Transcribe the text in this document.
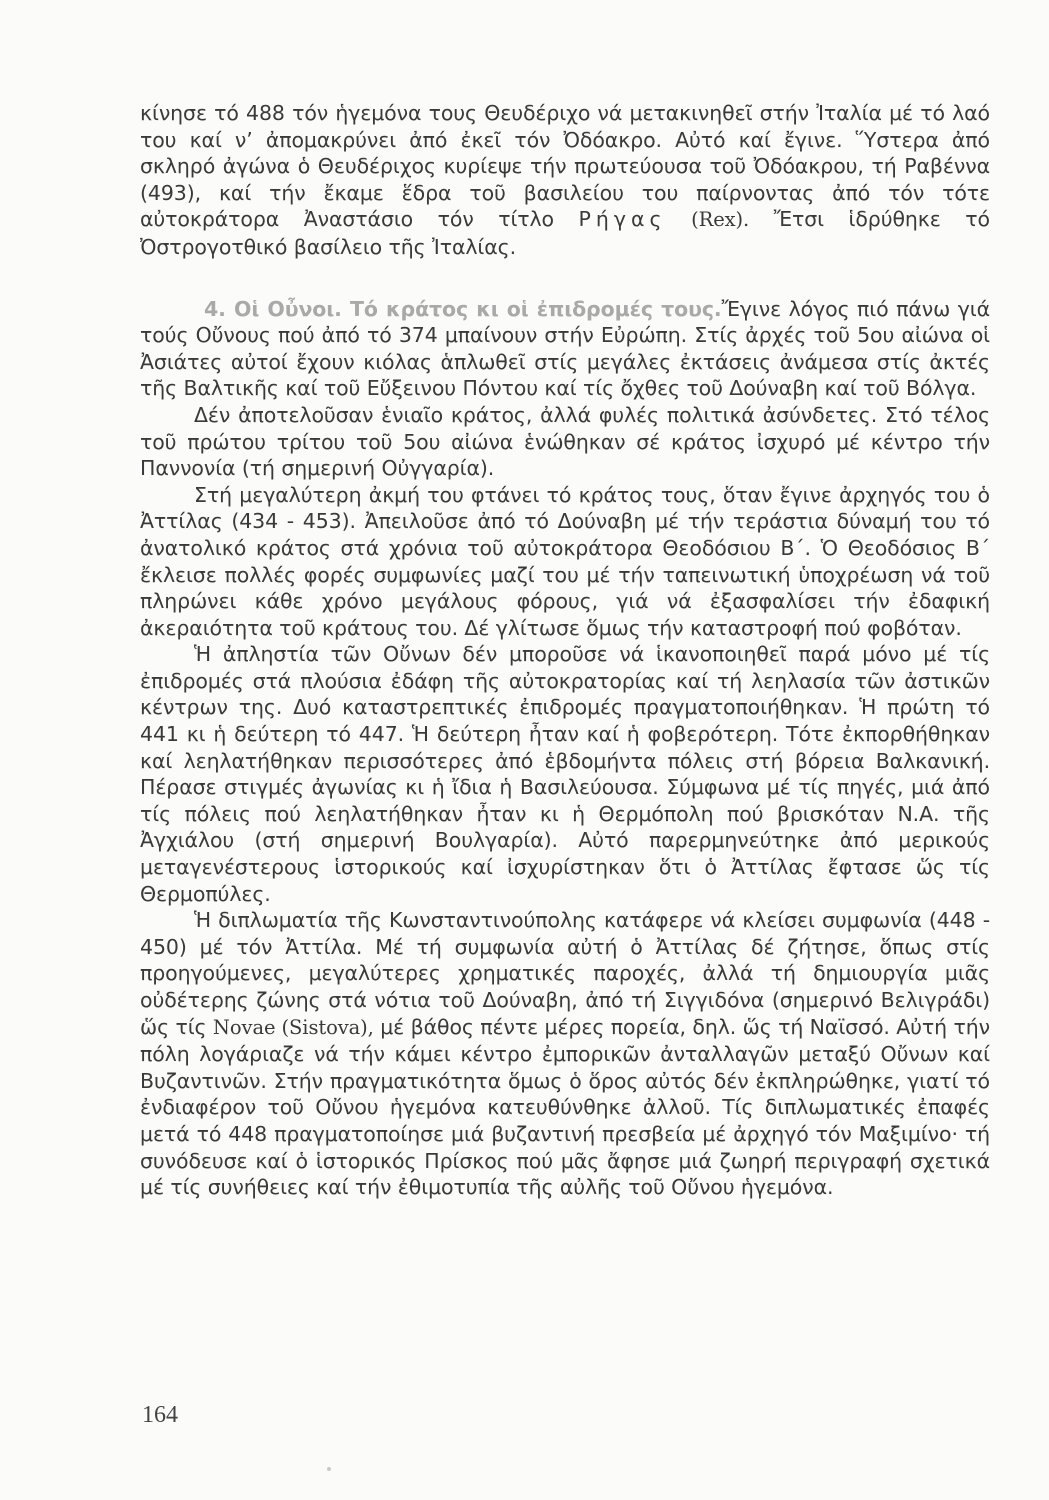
κίνησε τό 488 τόν ἡγεμόνα τους Θευδέριχο νά μετακινηθεῖ στήν Ἰταλία μέ τό λαό του καί ν’ ἀπομακρύνει ἀπό ἐκεῖ τόν Ὀδόακρο. Αὐτό καί ἔγινε. Ὕστερα ἀπό σκληρό ἀγώνα ὁ Θευδέριχος κυρίεψε τήν πρωτεύουσα τοῦ Ὀδόακρου, τή Ραβέννα (493), καί τήν ἔκαμε ἕδρα τοῦ βασιλείου του παίρνοντας ἀπό τόν τότε αὐτοκράτορα Ἀναστάσιο τόν τίτλο Ρήγας (Rex). Ἔτσι ἱδρύθηκε τό Ὀστρογοτθικό βασίλειο τῆς Ἰταλίας.

4. Οἱ Οὖνοι. Τό κράτος κι οἱ ἐπιδρομές τους.Ἔγινε λόγος πιό πάνω γιά τούς Οὔνους πού ἀπό τό 374 μπαίνουν στήν Εὐρώπη. Στίς ἀρχές τοῦ 5ου αἰώνα οἱ Ἀσιάτες αὐτοί ἔχουν κιόλας ἁπλωθεῖ στίς μεγάλες ἐκτάσεις ἀνάμεσα στίς ἀκτές τῆς Βαλτικῆς καί τοῦ Εὔξεινου Πόντου καί τίς ὄχθες τοῦ Δούναβη καί τοῦ Βόλγα.

Δέν ἀποτελοῦσαν ἑνιαῖο κράτος, ἀλλά φυλές πολιτικά ἀσύνδετες. Στό τέλος τοῦ πρώτου τρίτου τοῦ 5ου αἰώνα ἑνώθηκαν σέ κράτος ἰσχυρό μέ κέντρο τήν Παννονία (τή σημερινή Οὐγγαρία).

Στή μεγαλύτερη ἀκμή του φτάνει τό κράτος τους, ὅταν ἔγινε ἀρχηγός του ὁ Ἀττίλας (434 - 453). Ἀπειλοῦσε ἀπό τό Δούναβη μέ τήν τεράστια δύναμή του τό ἀνατολικό κράτος στά χρόνια τοῦ αὐτοκράτορα Θεοδόσιου Β΄. Ὁ Θεοδόσιος Β΄ ἔκλεισε πολλές φορές συμφωνίες μαζί του μέ τήν ταπεινωτική ὑποχρέωση νά τοῦ πληρώνει κάθε χρόνο μεγάλους φόρους, γιά νά ἐξασφαλίσει τήν ἐδαφική ἀκεραιότητα τοῦ κράτους του. Δέ γλίτωσε ὅμως τήν καταστροφή πού φοβόταν.

Ἡ ἀπληστία τῶν Οὔνων δέν μποροῦσε νά ἱκανοποιηθεῖ παρά μόνο μέ τίς ἐπιδρομές στά πλούσια ἐδάφη τῆς αὐτοκρατορίας καί τή λεηλασία τῶν ἀστικῶν κέντρων της. Δυό καταστρεπτικές ἐπιδρομές πραγματοποιήθηκαν. Ἡ πρώτη τό 441 κι ἡ δεύτερη τό 447. Ἡ δεύτερη ἦταν καί ἡ φοβερότερη. Τότε ἐκπορθήθηκαν καί λεηλατήθηκαν περισσότερες ἀπό ἑβδομήντα πόλεις στή βόρεια Βαλκανική. Πέρασε στιγμές ἀγωνίας κι ἡ ἴδια ἡ Βασιλεύουσα. Σύμφωνα μέ τίς πηγές, μιά ἀπό τίς πόλεις πού λεηλατήθηκαν ἦταν κι ἡ Θερμόπολη πού βρισκόταν Ν.Α. τῆς Ἀγχιάλου (στή σημερινή Βουλγαρία). Αὐτό παρερμηνεύτηκε ἀπό μερικούς μεταγενέστερους ἱστορικούς καί ἰσχυρίστηκαν ὅτι ὁ Ἀττίλας ἔφτασε ὥς τίς Θερμοπύλες.

Ἡ διπλωματία τῆς Κωνσταντινούπολης κατάφερε νά κλείσει συμφωνία (448 - 450) μέ τόν Ἀττίλα. Μέ τή συμφωνία αὐτή ὁ Ἀττίλας δέ ζήτησε, ὅπως στίς προηγούμενες, μεγαλύτερες χρηματικές παροχές, ἀλλά τή δημιουργία μιᾶς οὐδέτερης ζώνης στά νότια τοῦ Δούναβη, ἀπό τή Σιγγιδόνα (σημερινό Βελιγράδι) ὥς τίς Novae (Sistova), μέ βάθος πέντε μέρες πορεία, δηλ. ὥς τή Ναϊσσό. Αὐτή τήν πόλη λογάριαζε νά τήν κάμει κέντρο ἐμπορικῶν ἀνταλλαγῶν μεταξύ Οὔνων καί Βυζαντινῶν. Στήν πραγματικότητα ὅμως ὁ ὅρος αὐτός δέν ἐκπληρώθηκε, γιατί τό ἐνδιαφέρον τοῦ Οὔνου ἡγεμόνα κατευθύνθηκε ἀλλοῦ. Τίς διπλωματικές ἐπαφές μετά τό 448 πραγματοποίησε μιά βυζαντινή πρεσβεία μέ ἀρχηγό τόν Μαξιμίνο· τή συνόδευσε καί ὁ ἱστορικός Πρίσκος πού μᾶς ἄφησε μιά ζωηρή περιγραφή σχετικά μέ τίς συνήθειες καί τήν ἐθιμοτυπία τῆς αὐλῆς τοῦ Οὔνου ἡγεμόνα.

164
